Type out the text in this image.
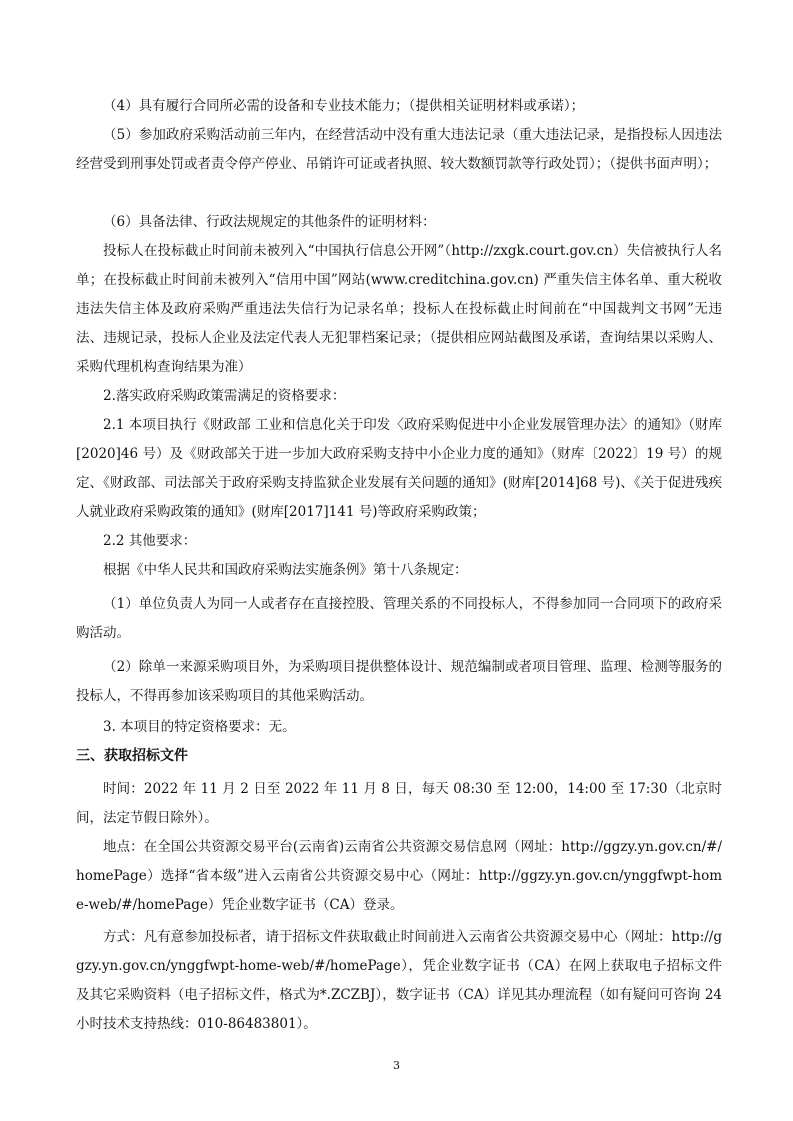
（4）具有履行合同所必需的设备和专业技术能力；（提供相关证明材料或承诺）；

（5）参加政府采购活动前三年内，在经营活动中没有重大违法记录（重大违法记录，是指投标人因违法经营受到刑事处罚或者责令停产停业、吊销许可证或者执照、较大数额罚款等行政处罚）；（提供书面声明）；

（6）具备法律、行政法规规定的其他条件的证明材料：

投标人在投标截止时间前未被列入“中国执行信息公开网”（http://zxgk.court.gov.cn）失信被执行人名单；在投标截止时间前未被列入“信用中国”网站(www.creditchina.gov.cn) 严重失信主体名单、重大税收违法失信主体及政府采购严重违法失信行为记录名单；投标人在投标截止时间前在“中国裁判文书网”无违法、违规记录，投标人企业及法定代表人无犯罪档案记录；（提供相应网站截图及承诺，查询结果以采购人、采购代理机构查询结果为准）

2.落实政府采购政策需满足的资格要求：

2.1 本项目执行《财政部 工业和信息化关于印发〈政府采购促进中小企业发展管理办法〉的通知》（财库[2020]46 号）及《财政部关于进一步加大政府采购支持中小企业力度的通知》（财库〔2022〕19 号）的规定、《财政部、司法部关于政府采购支持监狱企业发展有关问题的通知》(财库[2014]68 号)、《关于促进残疾人就业政府采购政策的通知》(财库[2017]141 号)等政府采购政策；

2.2 其他要求：

根据《中华人民共和国政府采购法实施条例》第十八条规定：

（1）单位负责人为同一人或者存在直接控股、管理关系的不同投标人，不得参加同一合同项下的政府采购活动。

（2）除单一来源采购项目外，为采购项目提供整体设计、规范编制或者项目管理、监理、检测等服务的投标人，不得再参加该采购项目的其他采购活动。

3. 本项目的特定资格要求：无。

三、获取招标文件

时间：2022 年 11 月 2 日至 2022 年 11 月 8 日，每天 08:30 至 12:00，14:00 至 17:30（北京时间，法定节假日除外）。

地点：在全国公共资源交易平台(云南省)云南省公共资源交易信息网（网址：http://ggzy.yn.gov.cn/#/homePage）选择“省本级”进入云南省公共资源交易中心（网址：http://ggzy.yn.gov.cn/ynggfwpt-home-web/#/homePage）凭企业数字证书（CA）登录。

方式：凡有意参加投标者，请于招标文件获取截止时间前进入云南省公共资源交易中心（网址：http://ggzy.yn.gov.cn/ynggfwpt-home-web/#/homePage），凭企业数字证书（CA）在网上获取电子招标文件及其它采购资料（电子招标文件，格式为*.ZCZBJ），数字证书（CA）详见其办理流程（如有疑问可咨询 24 小时技术支持热线：010-86483801）。

3
